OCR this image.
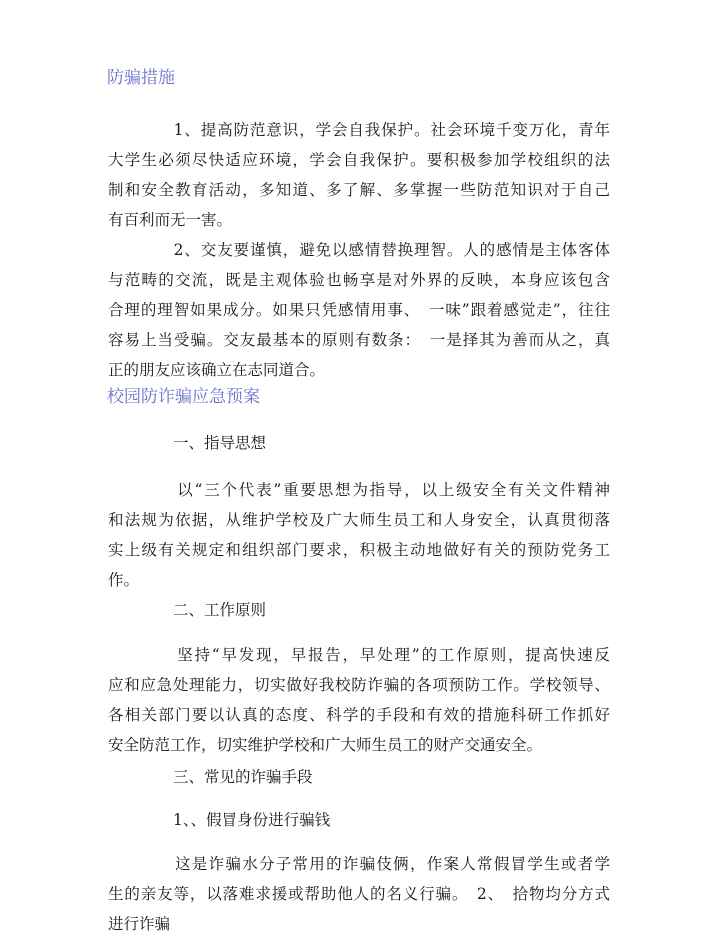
防骗措施
　　　　1、提高防范意识，学会自我保护。社会环境千变万化，青年
大学生必须尽快适应环境，学会自我保护。要积极参加学校组织的法
制和安全教育活动，多知道、多了解、多掌握一些防范知识对于自己
有百利而无一害。
　　　　2、交友要谨慎，避免以感情替换理智。人的感情是主体客体
与范畴的交流，既是主观体验也畅享是对外界的反映，本身应该包含
合理的理智如果成分。如果只凭感情用事、　一味”跟着感觉走”，往往
容易上当受骗。交友最基本的原则有数条：　一是择其为善而从之，真
正的朋友应该确立在志同道合。
校园防诈骗应急预案
一、指导思想
　　　　以“三个代表”重要思想为指导，以上级安全有关文件精神
和法规为依据，从维护学校及广大师生员工和人身安全，认真贯彻落
实上级有关规定和组织部门要求，积极主动地做好有关的预防党务工
作。
二、工作原则
　　　　坚持“早发现，早报告，早处理”的工作原则，提高快速反
应和应急处理能力，切实做好我校防诈骗的各项预防工作。学校领导、
各相关部门要以认真的态度、科学的手段和有效的措施科研工作抓好
安全防范工作，切实维护学校和广大师生员工的财产交通安全。
三、常见的诈骗手段
1、、假冒身份进行骗钱
　　　　这是诈骗水分子常用的诈骗伎俩，作案人常假冒学生或者学
生的亲友等，以落难求援或帮助他人的名义行骗。　2、　拾物均分方式
进行诈骗
